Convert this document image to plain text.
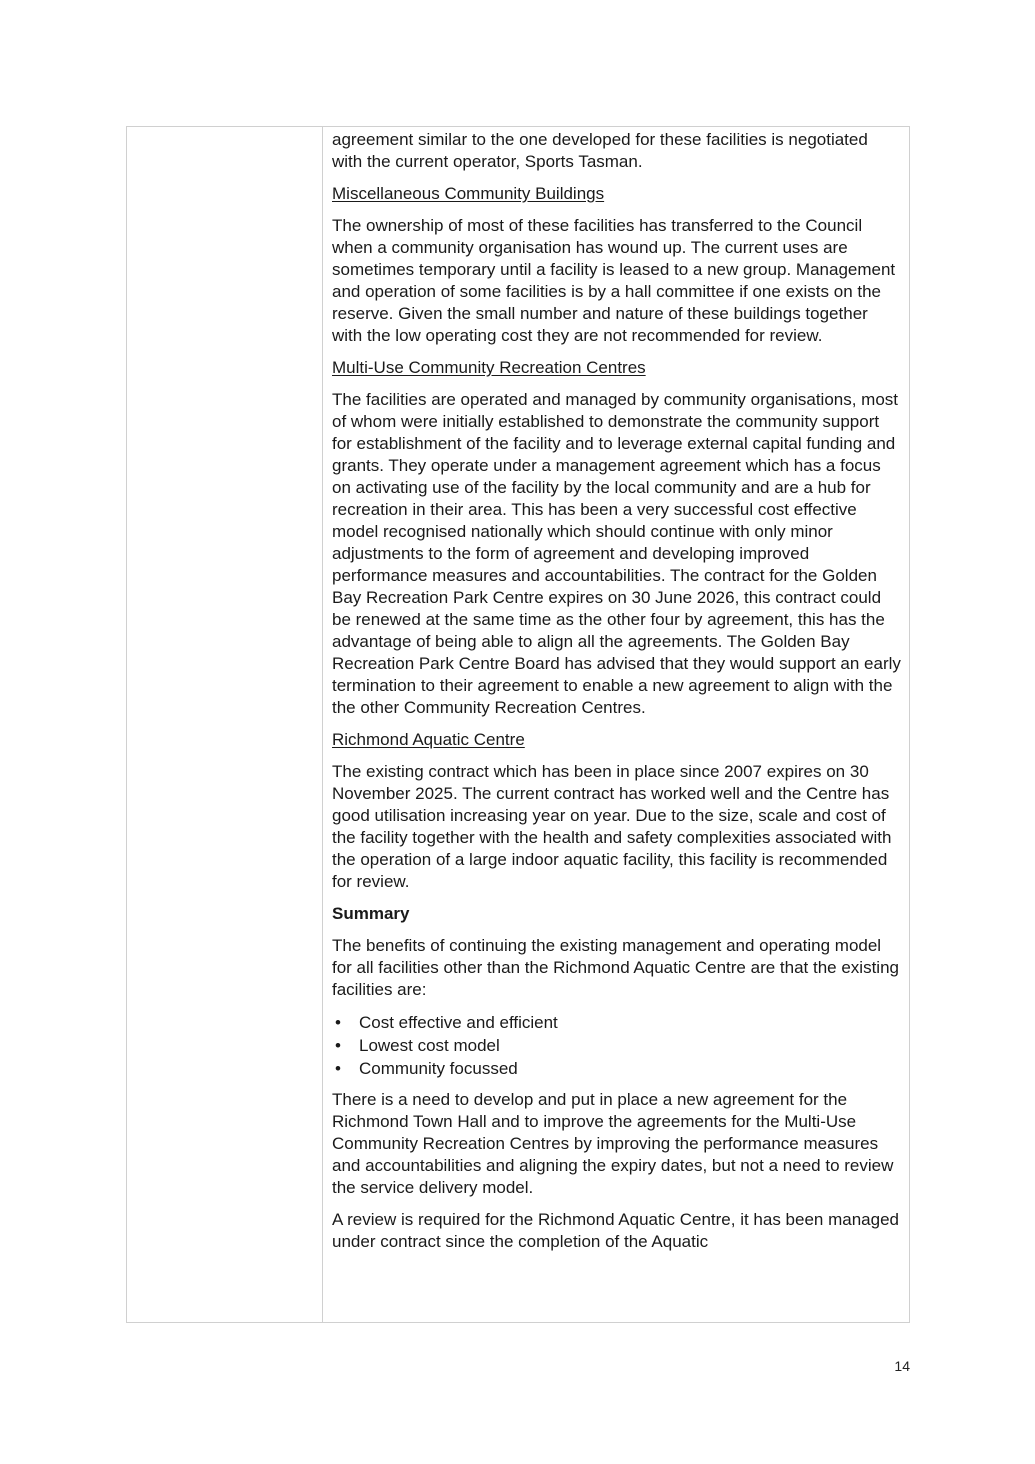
agreement similar to the one developed for these facilities is negotiated with the current operator, Sports Tasman.

Miscellaneous Community Buildings

The ownership of most of these facilities has transferred to the Council when a community organisation has wound up. The current uses are sometimes temporary until a facility is leased to a new group. Management and operation of some facilities is by a hall committee if one exists on the reserve. Given the small number and nature of these buildings together with the low operating cost they are not recommended for review.

Multi-Use Community Recreation Centres

The facilities are operated and managed by community organisations, most of whom were initially established to demonstrate the community support for establishment of the facility and to leverage external capital funding and grants. They operate under a management agreement which has a focus on activating use of the facility by the local community and are a hub for recreation in their area. This has been a very successful cost effective model recognised nationally which should continue with only minor adjustments to the form of agreement and developing improved performance measures and accountabilities. The contract for the Golden Bay Recreation Park Centre expires on 30 June 2026, this contract could be renewed at the same time as the other four by agreement, this has the advantage of being able to align all the agreements. The Golden Bay Recreation Park Centre Board has advised that they would support an early termination to their agreement to enable a new agreement to align with the the other Community Recreation Centres.

Richmond Aquatic Centre

The existing contract which has been in place since 2007 expires on 30 November 2025. The current contract has worked well and the Centre has good utilisation increasing year on year. Due to the size, scale and cost of the facility together with the health and safety complexities associated with the operation of a large indoor aquatic facility, this facility is recommended for review.

Summary

The benefits of continuing the existing management and operating model for all facilities other than the Richmond Aquatic Centre are that the existing facilities are:

• Cost effective and efficient
• Lowest cost model
• Community focussed

There is a need to develop and put in place a new agreement for the Richmond Town Hall and to improve the agreements for the Multi-Use Community Recreation Centres by improving the performance measures and accountabilities and aligning the expiry dates, but not a need to review the service delivery model.

A review is required for the Richmond Aquatic Centre, it has been managed under contract since the completion of the Aquatic

14
